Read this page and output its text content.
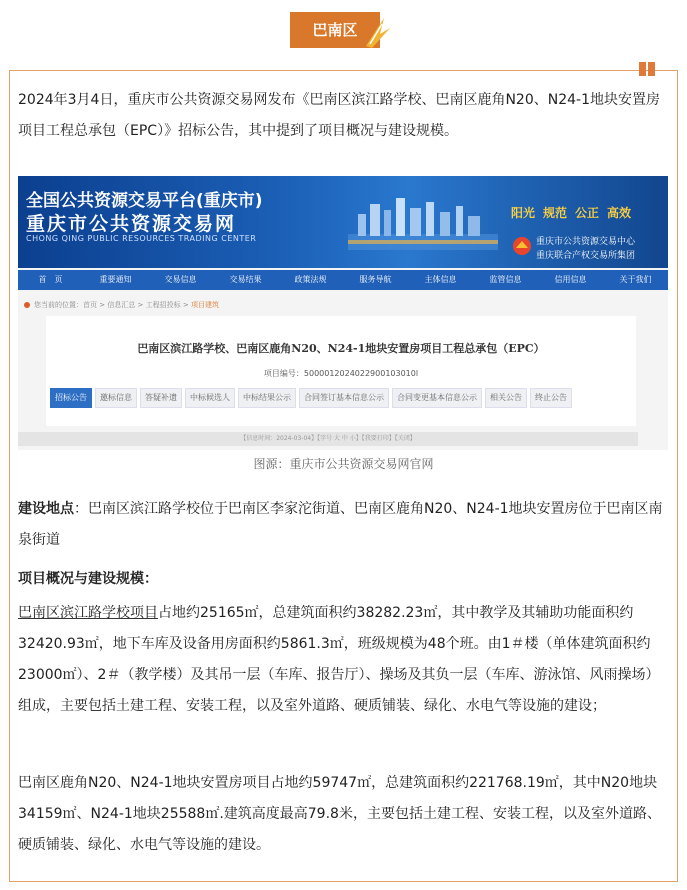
巴南区
2024年3月4日，重庆市公共资源交易网发布《巴南区滨江路学校、巴南区鹿角N20、N24-1地块安置房项目工程总承包（EPC）》招标公告，其中提到了项目概况与建设规模。
全国公共资源交易平台(重庆市)
重庆市公共资源交易网
CHONG QING PUBLIC RESOURCES TRADING CENTER
阳光 规范 公正 高效
重庆市公共资源交易中心
重庆联合产权交易所集团
首　页	重要通知	交易信息	交易结果	政策法规	服务导航	主体信息	监管信息	信用信息	关于我们
您当前的位置：首页 > 信息汇总 > 工程招投标 > 项目建筑
巴南区滨江路学校、巴南区鹿角N20、N24-1地块安置房项目工程总承包（EPC）
项目编号：5000012024022900103010l
招标公告	邀标信息	答疑补遗	中标候选人	中标结果公示	合同签订基本信息公示	合同变更基本信息公示	相关公告	终止公告
【信息时间：2024-03-04】【字号 大 中 小】【我要打印】【关闭】
图源：重庆市公共资源交易网官网
建设地点：巴南区滨江路学校位于巴南区李家沱街道、巴南区鹿角N20、N24-1地块安置房位于巴南区南泉街道
项目概况与建设规模：
巴南区滨江路学校项目占地约25165㎡，总建筑面积约38282.23㎡，其中教学及其辅助功能面积约32420.93㎡，地下车库及设备用房面积约5861.3㎡，班级规模为48个班。由1＃楼（单体建筑面积约23000㎡）、2＃（教学楼）及其吊一层（车库、报告厅）、操场及其负一层（车库、游泳馆、风雨操场）组成，主要包括土建工程、安装工程，以及室外道路、硬质铺装、绿化、水电气等设施的建设；
巴南区鹿角N20、N24-1地块安置房项目占地约59747㎡，总建筑面积约221768.19㎡，其中N20地块34159㎡、N24-1地块25588㎡.建筑高度最高79.8米，主要包括土建工程、安装工程，以及室外道路、硬质铺装、绿化、水电气等设施的建设。
